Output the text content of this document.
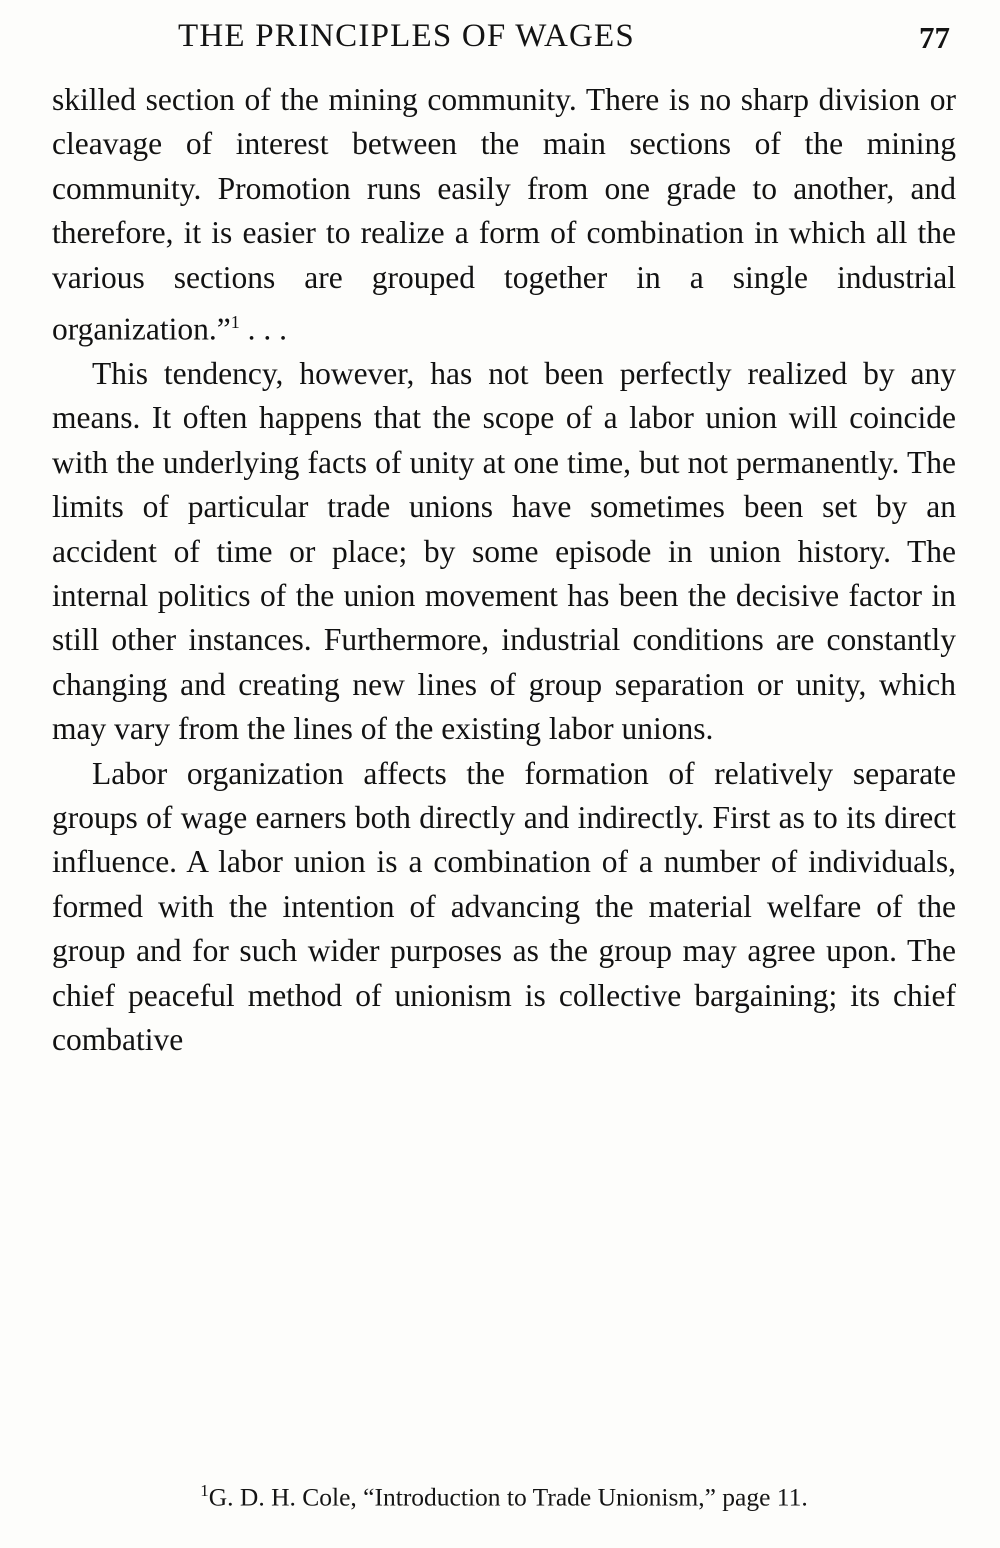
THE PRINCIPLES OF WAGES	77

skilled section of the mining community. There is no sharp division or cleavage of interest between the main sections of the mining community. Promotion runs easily from one grade to another, and therefore, it is easier to realize a form of combination in which all the various sections are grouped together in a single industrial organization.”$^1$ . . .

This tendency, however, has not been perfectly realized by any means. It often happens that the scope of a labor union will coincide with the underlying facts of unity at one time, but not permanently. The limits of particular trade unions have sometimes been set by an accident of time or place; by some episode in union history. The internal politics of the union movement has been the decisive factor in still other instances. Furthermore, industrial conditions are constantly changing and creating new lines of group separation or unity, which may vary from the lines of the existing labor unions.

Labor organization affects the formation of relatively separate groups of wage earners both directly and indirectly. First as to its direct influence. A labor union is a combination of a number of individuals, formed with the intention of advancing the material welfare of the group and for such wider purposes as the group may agree upon. The chief peaceful method of unionism is collective bargaining; its chief combative

$^1$G. D. H. Cole, “Introduction to Trade Unionism,” page 11.
